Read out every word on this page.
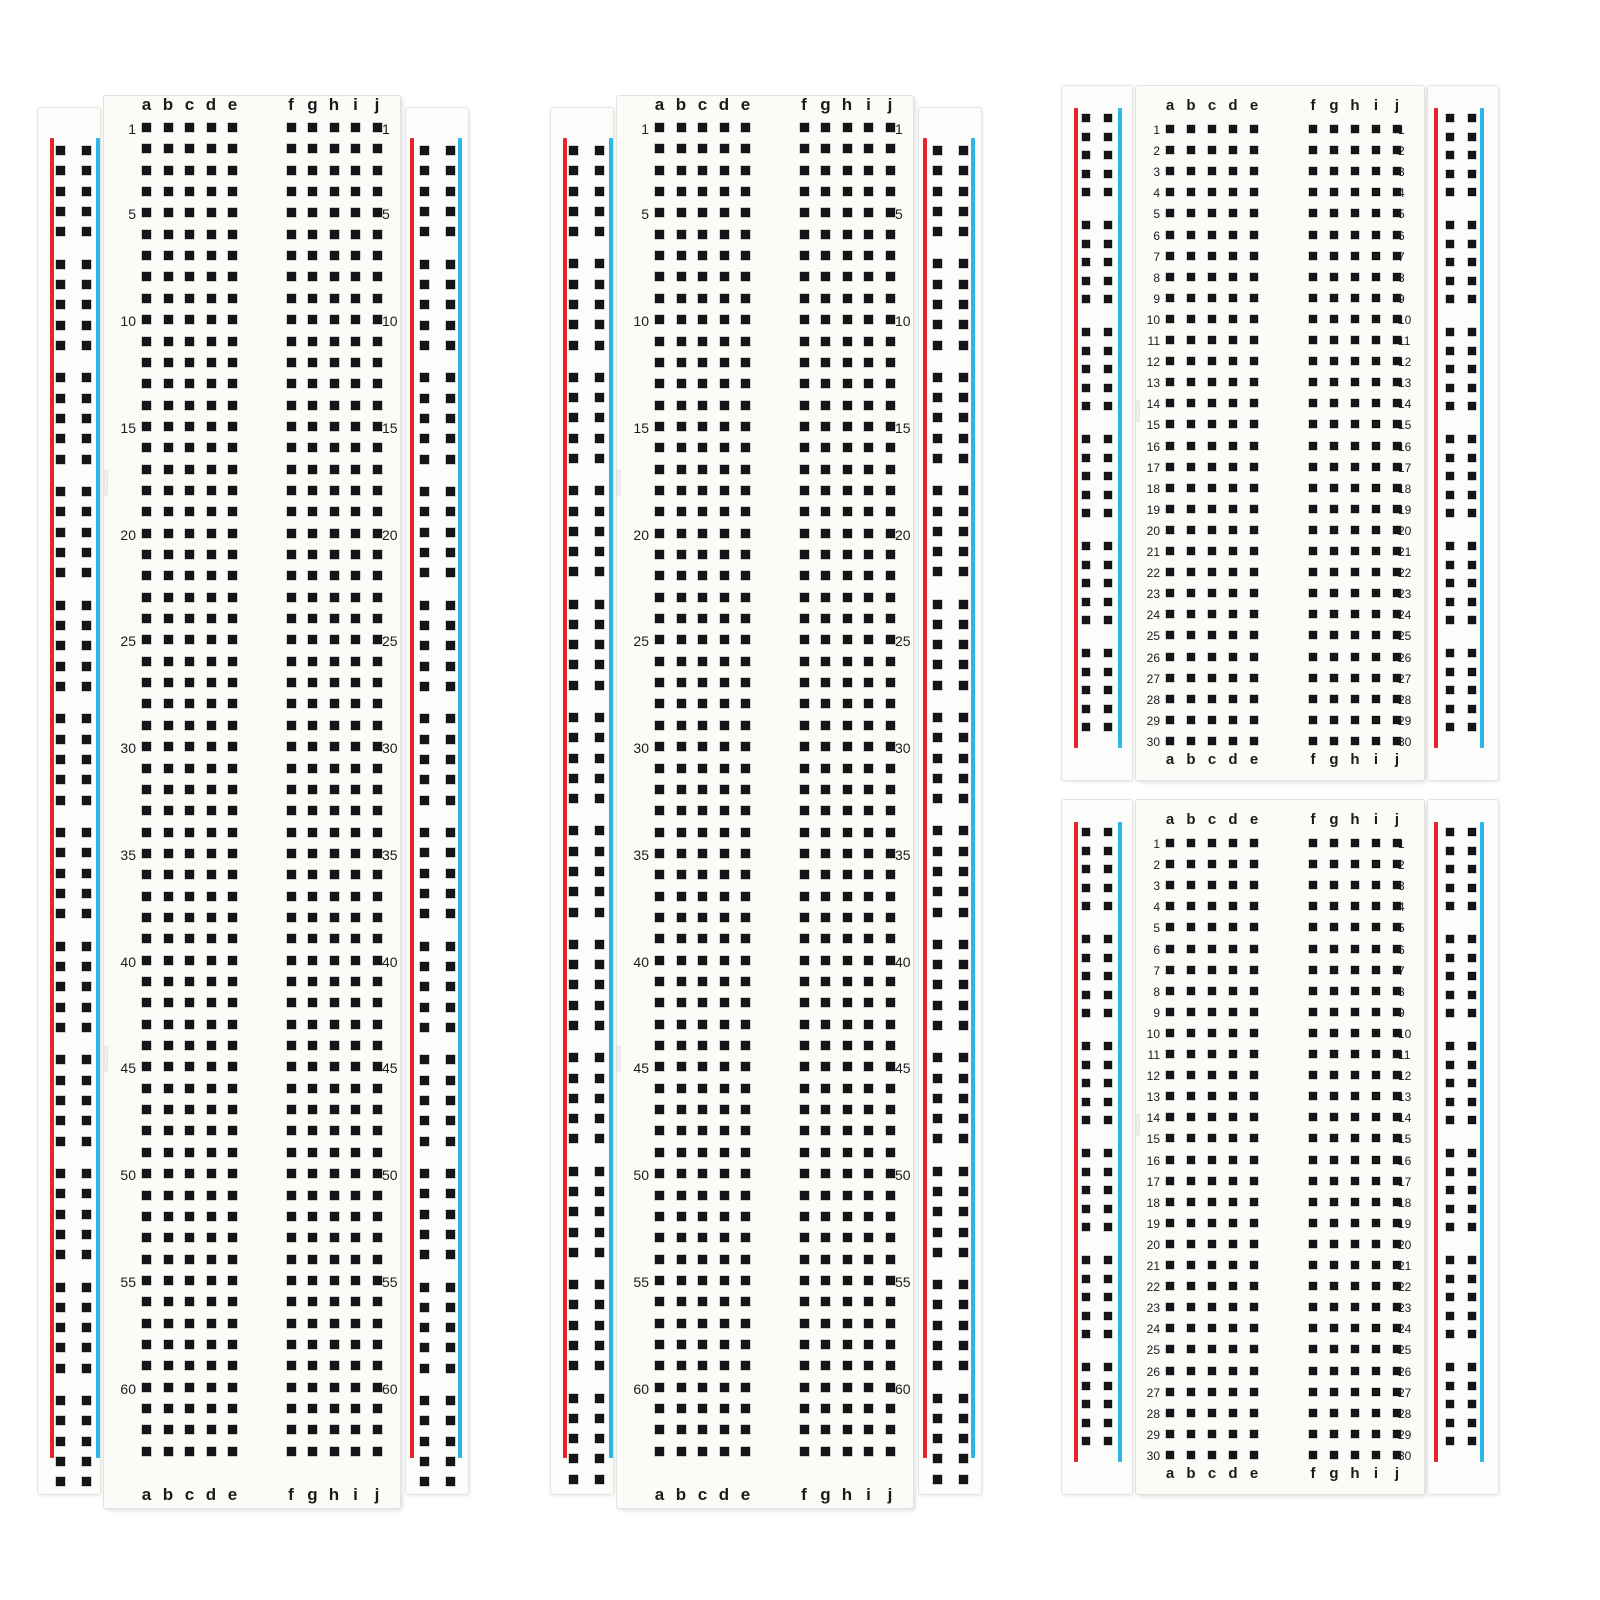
a	f
a	f
b	g
b	g
c	h
c	h
d	i
d	i
e	j
e	j
1	1
5	5
10	10
15	15
20	20
25	25
30	30
35	35
40	40
45	45
50	50
55	55
60	60
a	f
a	f
b	g
b	g
c	h
c	h
d	i
d	i
e	j
e	j
1	1
5	5
10	10
15	15
20	20
25	25
30	30
35	35
40	40
45	45
50	50
55	55
60	60
a	f
a	f
b	g
b	g
c	h
c	h
d	i
d	i
e	j
e	j
1	1
2	2
3	3
4	4
5	5
6	6
7	7
8	8
9	9
10	10
11	11
12	12
13	13
14	14
15	15
16	16
17	17
18	18
19	19
20	20
21	21
22	22
23	23
24	24
25	25
26	26
27	27
28	28
29	29
30	30
a	f
a	f
b	g
b	g
c	h
c	h
d	i
d	i
e	j
e	j
1	1
2	2
3	3
4	4
5	5
6	6
7	7
8	8
9	9
10	10
11	11
12	12
13	13
14	14
15	15
16	16
17	17
18	18
19	19
20	20
21	21
22	22
23	23
24	24
25	25
26	26
27	27
28	28
29	29
30	30
